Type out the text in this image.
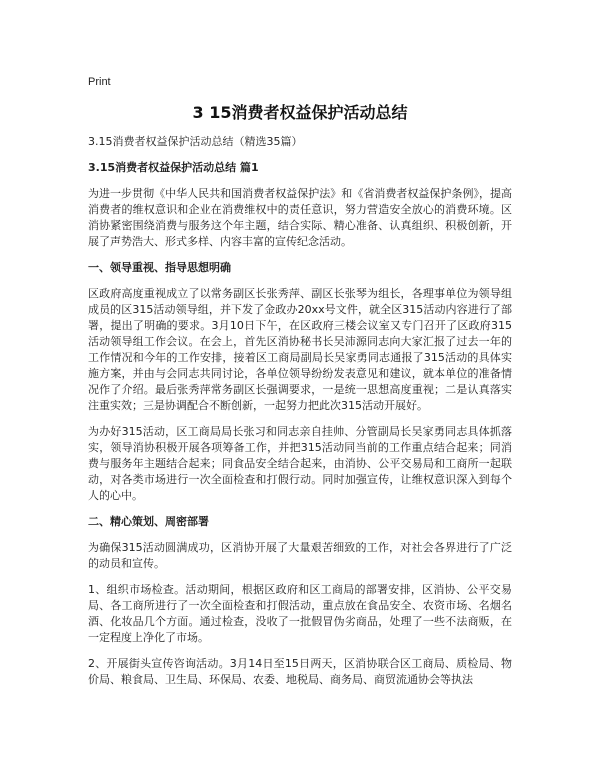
Print
3 15消费者权益保护活动总结
3.15消费者权益保护活动总结（精选35篇）
3.15消费者权益保护活动总结 篇1

为进一步贯彻《中华人民共和国消费者权益保护法》和《省消费者权益保护条例》，提高消费者的维权意识和企业在消费维权中的责任意识，努力营造安全放心的消费环境。区消协紧密围绕消费与服务这个年主题，结合实际、精心准备、认真组织、积极创新，开展了声势浩大、形式多样、内容丰富的宣传纪念活动。

一、领导重视、指导思想明确

区政府高度重视成立了以常务副区长张秀萍、副区长张琴为组长，各理事单位为领导组成员的区315活动领导组，并下发了金政办20xx号文件，就全区315活动内容进行了部署，提出了明确的要求。3月10日下午，在区政府三楼会议室又专门召开了区政府315活动领导组工作会议。在会上，首先区消协秘书长吴沛源同志向大家汇报了过去一年的工作情况和今年的工作安排，接着区工商局副局长吴家勇同志通报了315活动的具体实施方案，并由与会同志共同讨论，各单位领导纷纷发表意见和建议，就本单位的准备情况作了介绍。最后张秀萍常务副区长强调要求，一是统一思想高度重视；二是认真落实注重实效；三是协调配合不断创新，一起努力把此次315活动开展好。

为办好315活动，区工商局局长张习和同志亲自挂帅、分管副局长吴家勇同志具体抓落实，领导消协积极开展各项筹备工作，并把315活动同当前的工作重点结合起来；同消费与服务年主题结合起来；同食品安全结合起来，由消协、公平交易局和工商所一起联动，对各类市场进行一次全面检查和打假行动。同时加强宣传，让维权意识深入到每个人的心中。

二、精心策划、周密部署

为确保315活动圆满成功，区消协开展了大量艰苦细致的工作，对社会各界进行了广泛的动员和宣传。

1、组织市场检查。活动期间，根据区政府和区工商局的部署安排，区消协、公平交易局、各工商所进行了一次全面检查和打假活动，重点放在食品安全、农资市场、名烟名酒、化妆品几个方面。通过检查，没收了一批假冒伪劣商品，处理了一些不法商贩，在一定程度上净化了市场。

2、开展街头宣传咨询活动。3月14日至15日两天，区消协联合区工商局、质检局、物价局、粮食局、卫生局、环保局、农委、地税局、商务局、商贸流通协会等执法
